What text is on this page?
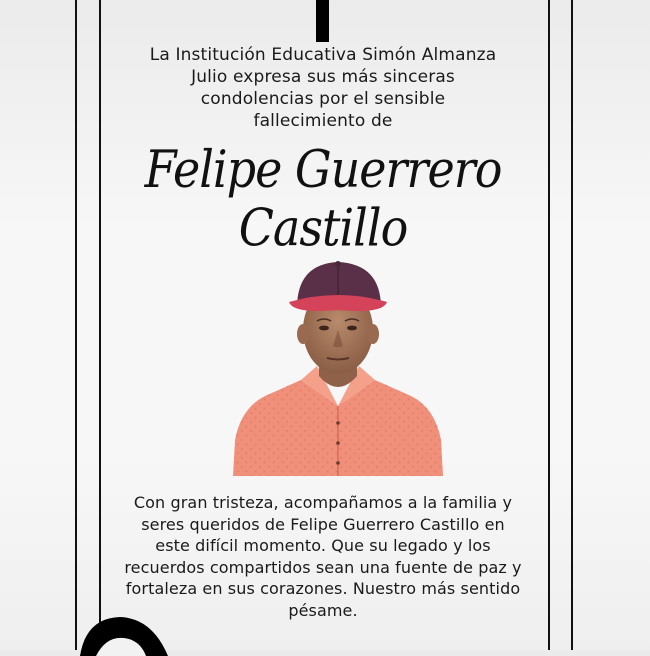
La Institución Educativa Simón Almanza
Julio expresa sus más sinceras
condolencias por el sensible
fallecimiento de

Felipe Guerrero
Castillo

Con gran tristeza, acompañamos a la familia y
seres queridos de Felipe Guerrero Castillo en
este difícil momento. Que su legado y los
recuerdos compartidos sean una fuente de paz y
fortaleza en sus corazones. Nuestro más sentido
pésame.
